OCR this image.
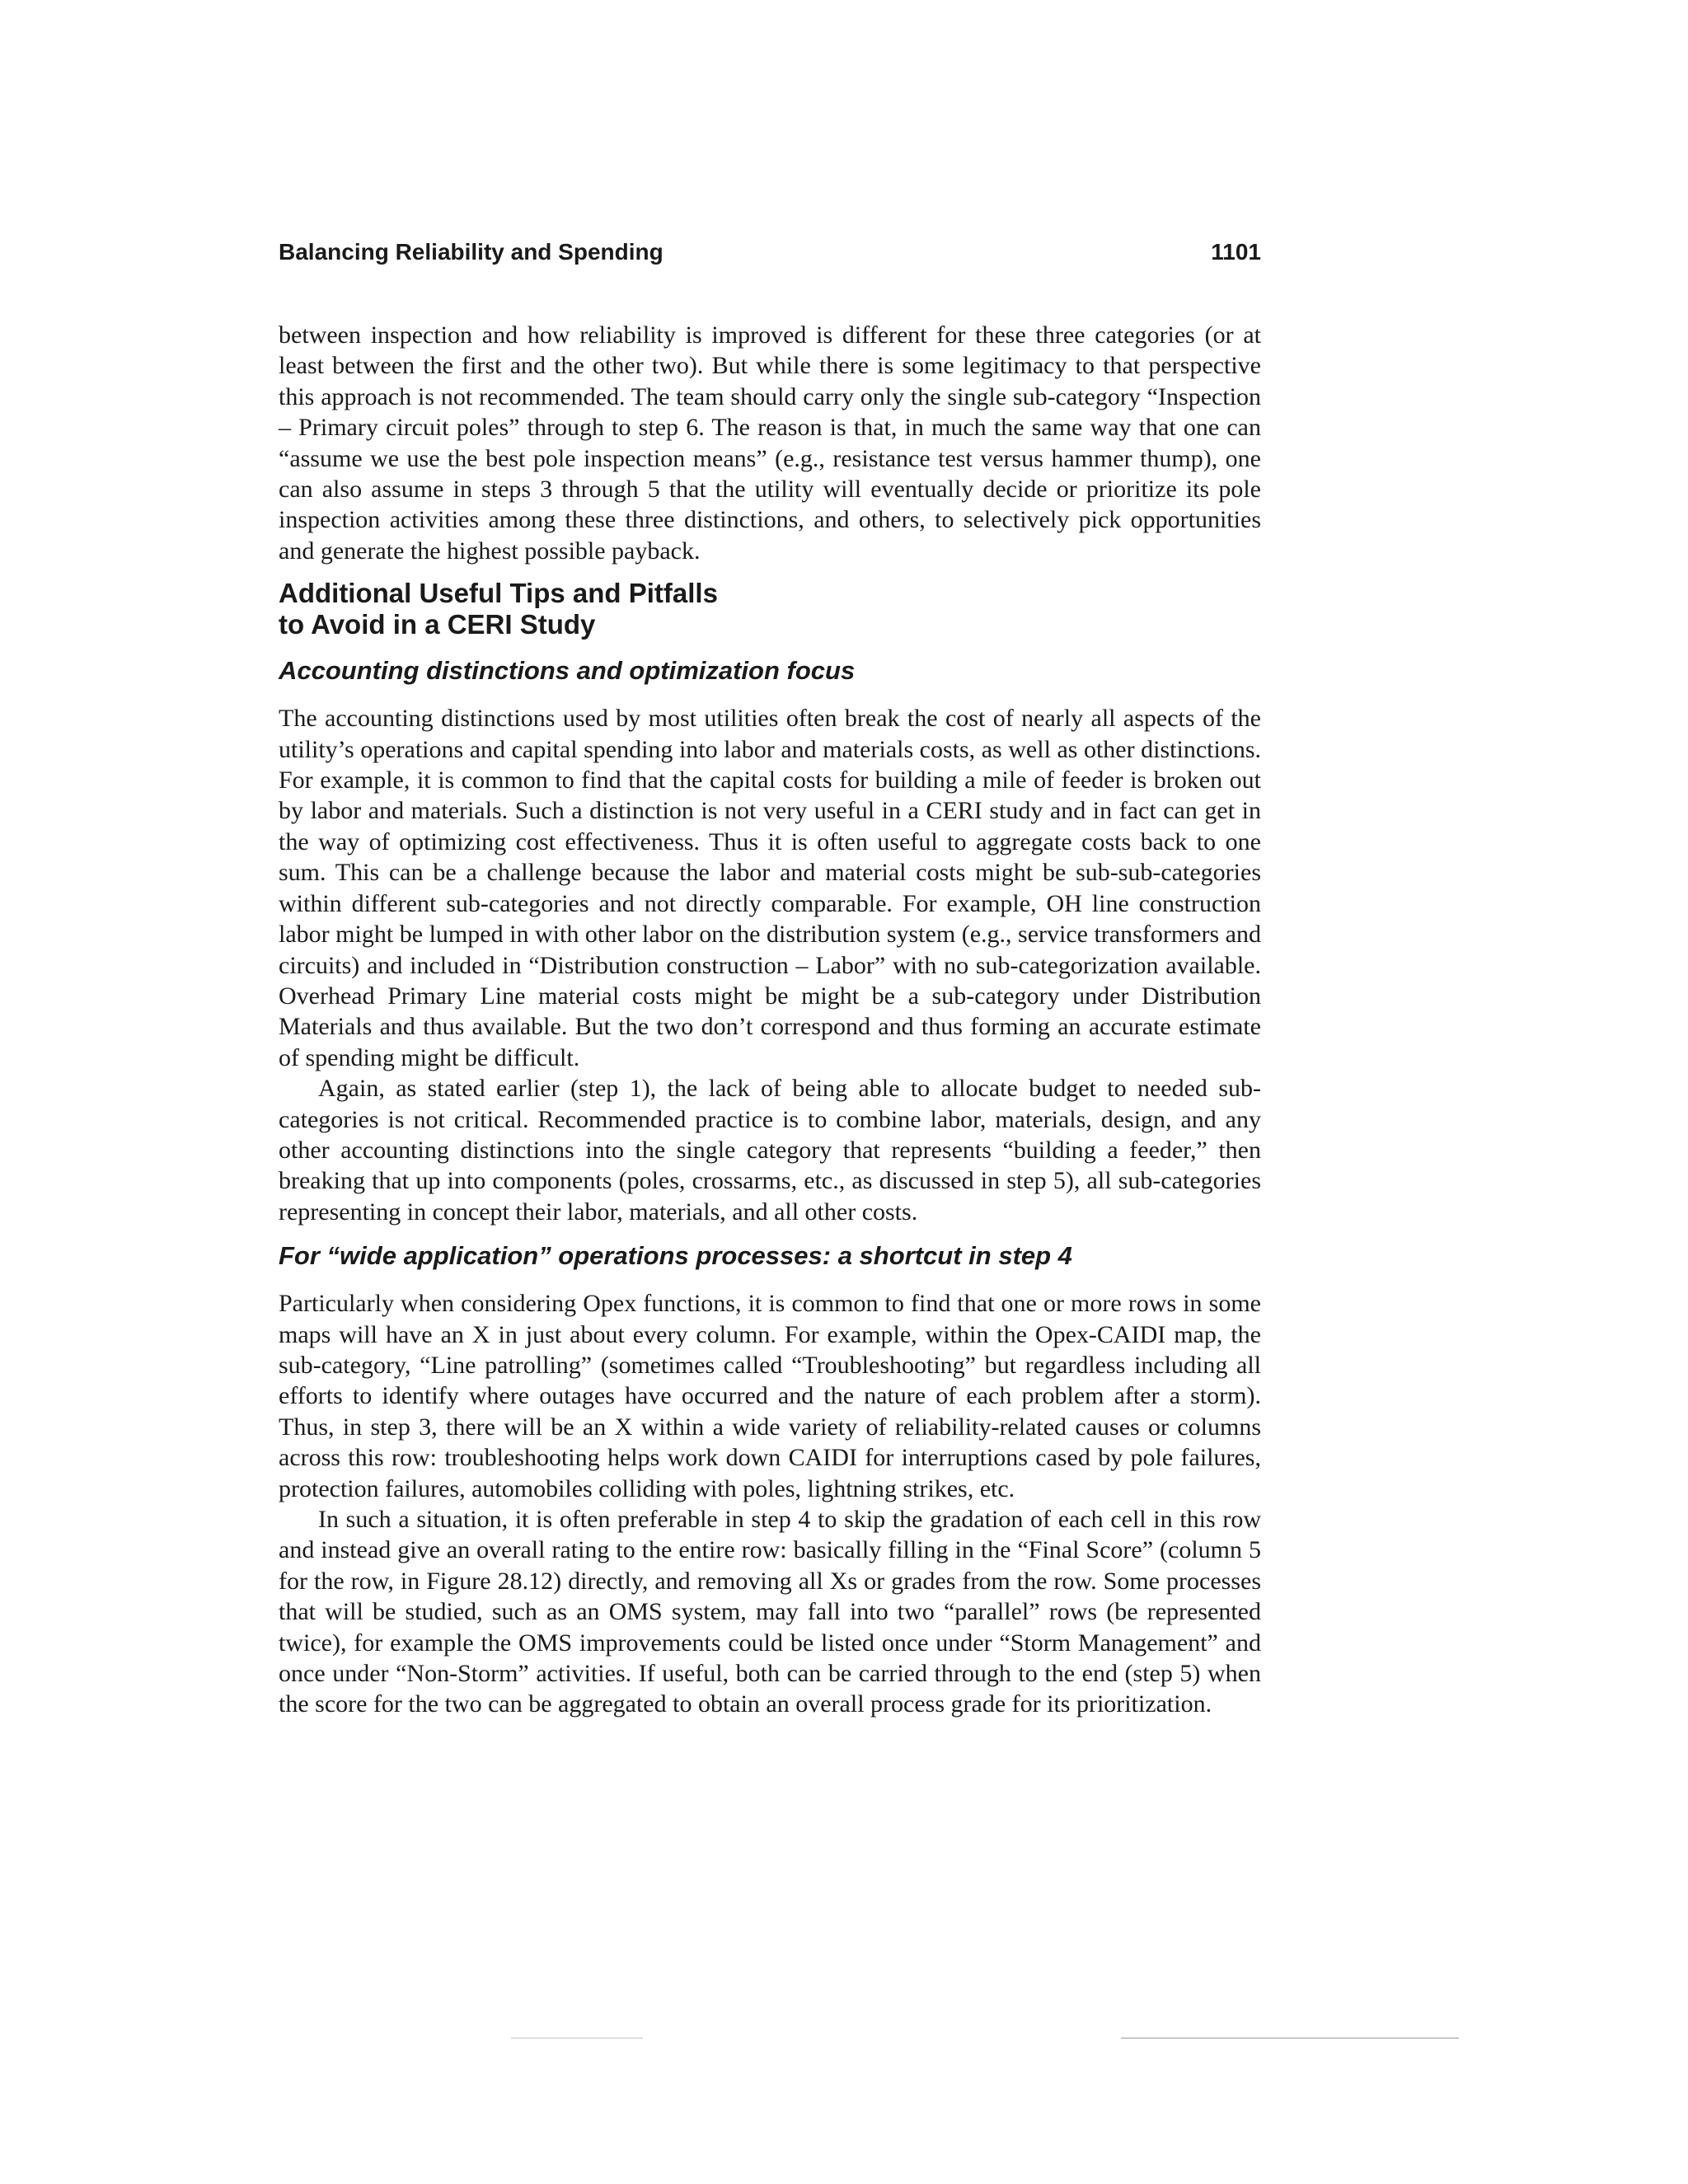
Balancing Reliability and Spending	1101

between inspection and how reliability is improved is different for these three categories (or at least between the first and the other two). But while there is some legitimacy to that perspective this approach is not recommended. The team should carry only the single sub-category “Inspection – Primary circuit poles” through to step 6. The reason is that, in much the same way that one can “assume we use the best pole inspection means” (e.g., resistance test versus hammer thump), one can also assume in steps 3 through 5 that the utility will eventually decide or prioritize its pole inspection activities among these three distinctions, and others, to selectively pick opportunities and generate the highest possible payback.

Additional Useful Tips and Pitfalls
to Avoid in a CERI Study
Accounting distinctions and optimization focus

The accounting distinctions used by most utilities often break the cost of nearly all aspects of the utility’s operations and capital spending into labor and materials costs, as well as other distinctions. For example, it is common to find that the capital costs for building a mile of feeder is broken out by labor and materials. Such a distinction is not very useful in a CERI study and in fact can get in the way of optimizing cost effectiveness. Thus it is often useful to aggregate costs back to one sum. This can be a challenge because the labor and material costs might be sub-sub-categories within different sub-categories and not directly comparable. For example, OH line construction labor might be lumped in with other labor on the distribution system (e.g., service transformers and circuits) and included in “Distribution construction – Labor” with no sub-categorization available. Overhead Primary Line material costs might be might be a sub-category under Distribution Materials and thus available. But the two don’t correspond and thus forming an accurate estimate of spending might be difficult.

Again, as stated earlier (step 1), the lack of being able to allocate budget to needed sub-categories is not critical. Recommended practice is to combine labor, materials, design, and any other accounting distinctions into the single category that represents “building a feeder,” then breaking that up into components (poles, crossarms, etc., as discussed in step 5), all sub-categories representing in concept their labor, materials, and all other costs.

For “wide application” operations processes: a shortcut in step 4

Particularly when considering Opex functions, it is common to find that one or more rows in some maps will have an X in just about every column. For example, within the Opex-CAIDI map, the sub-category, “Line patrolling” (sometimes called “Troubleshooting” but regardless including all efforts to identify where outages have occurred and the nature of each problem after a storm). Thus, in step 3, there will be an X within a wide variety of reliability-related causes or columns across this row: troubleshooting helps work down CAIDI for interruptions cased by pole failures, protection failures, automobiles colliding with poles, lightning strikes, etc.

In such a situation, it is often preferable in step 4 to skip the gradation of each cell in this row and instead give an overall rating to the entire row: basically filling in the “Final Score” (column 5 for the row, in Figure 28.12) directly, and removing all Xs or grades from the row. Some processes that will be studied, such as an OMS system, may fall into two “parallel” rows (be represented twice), for example the OMS improvements could be listed once under “Storm Management” and once under “Non-Storm” activities. If useful, both can be carried through to the end (step 5) when the score for the two can be aggregated to obtain an overall process grade for its prioritization.
